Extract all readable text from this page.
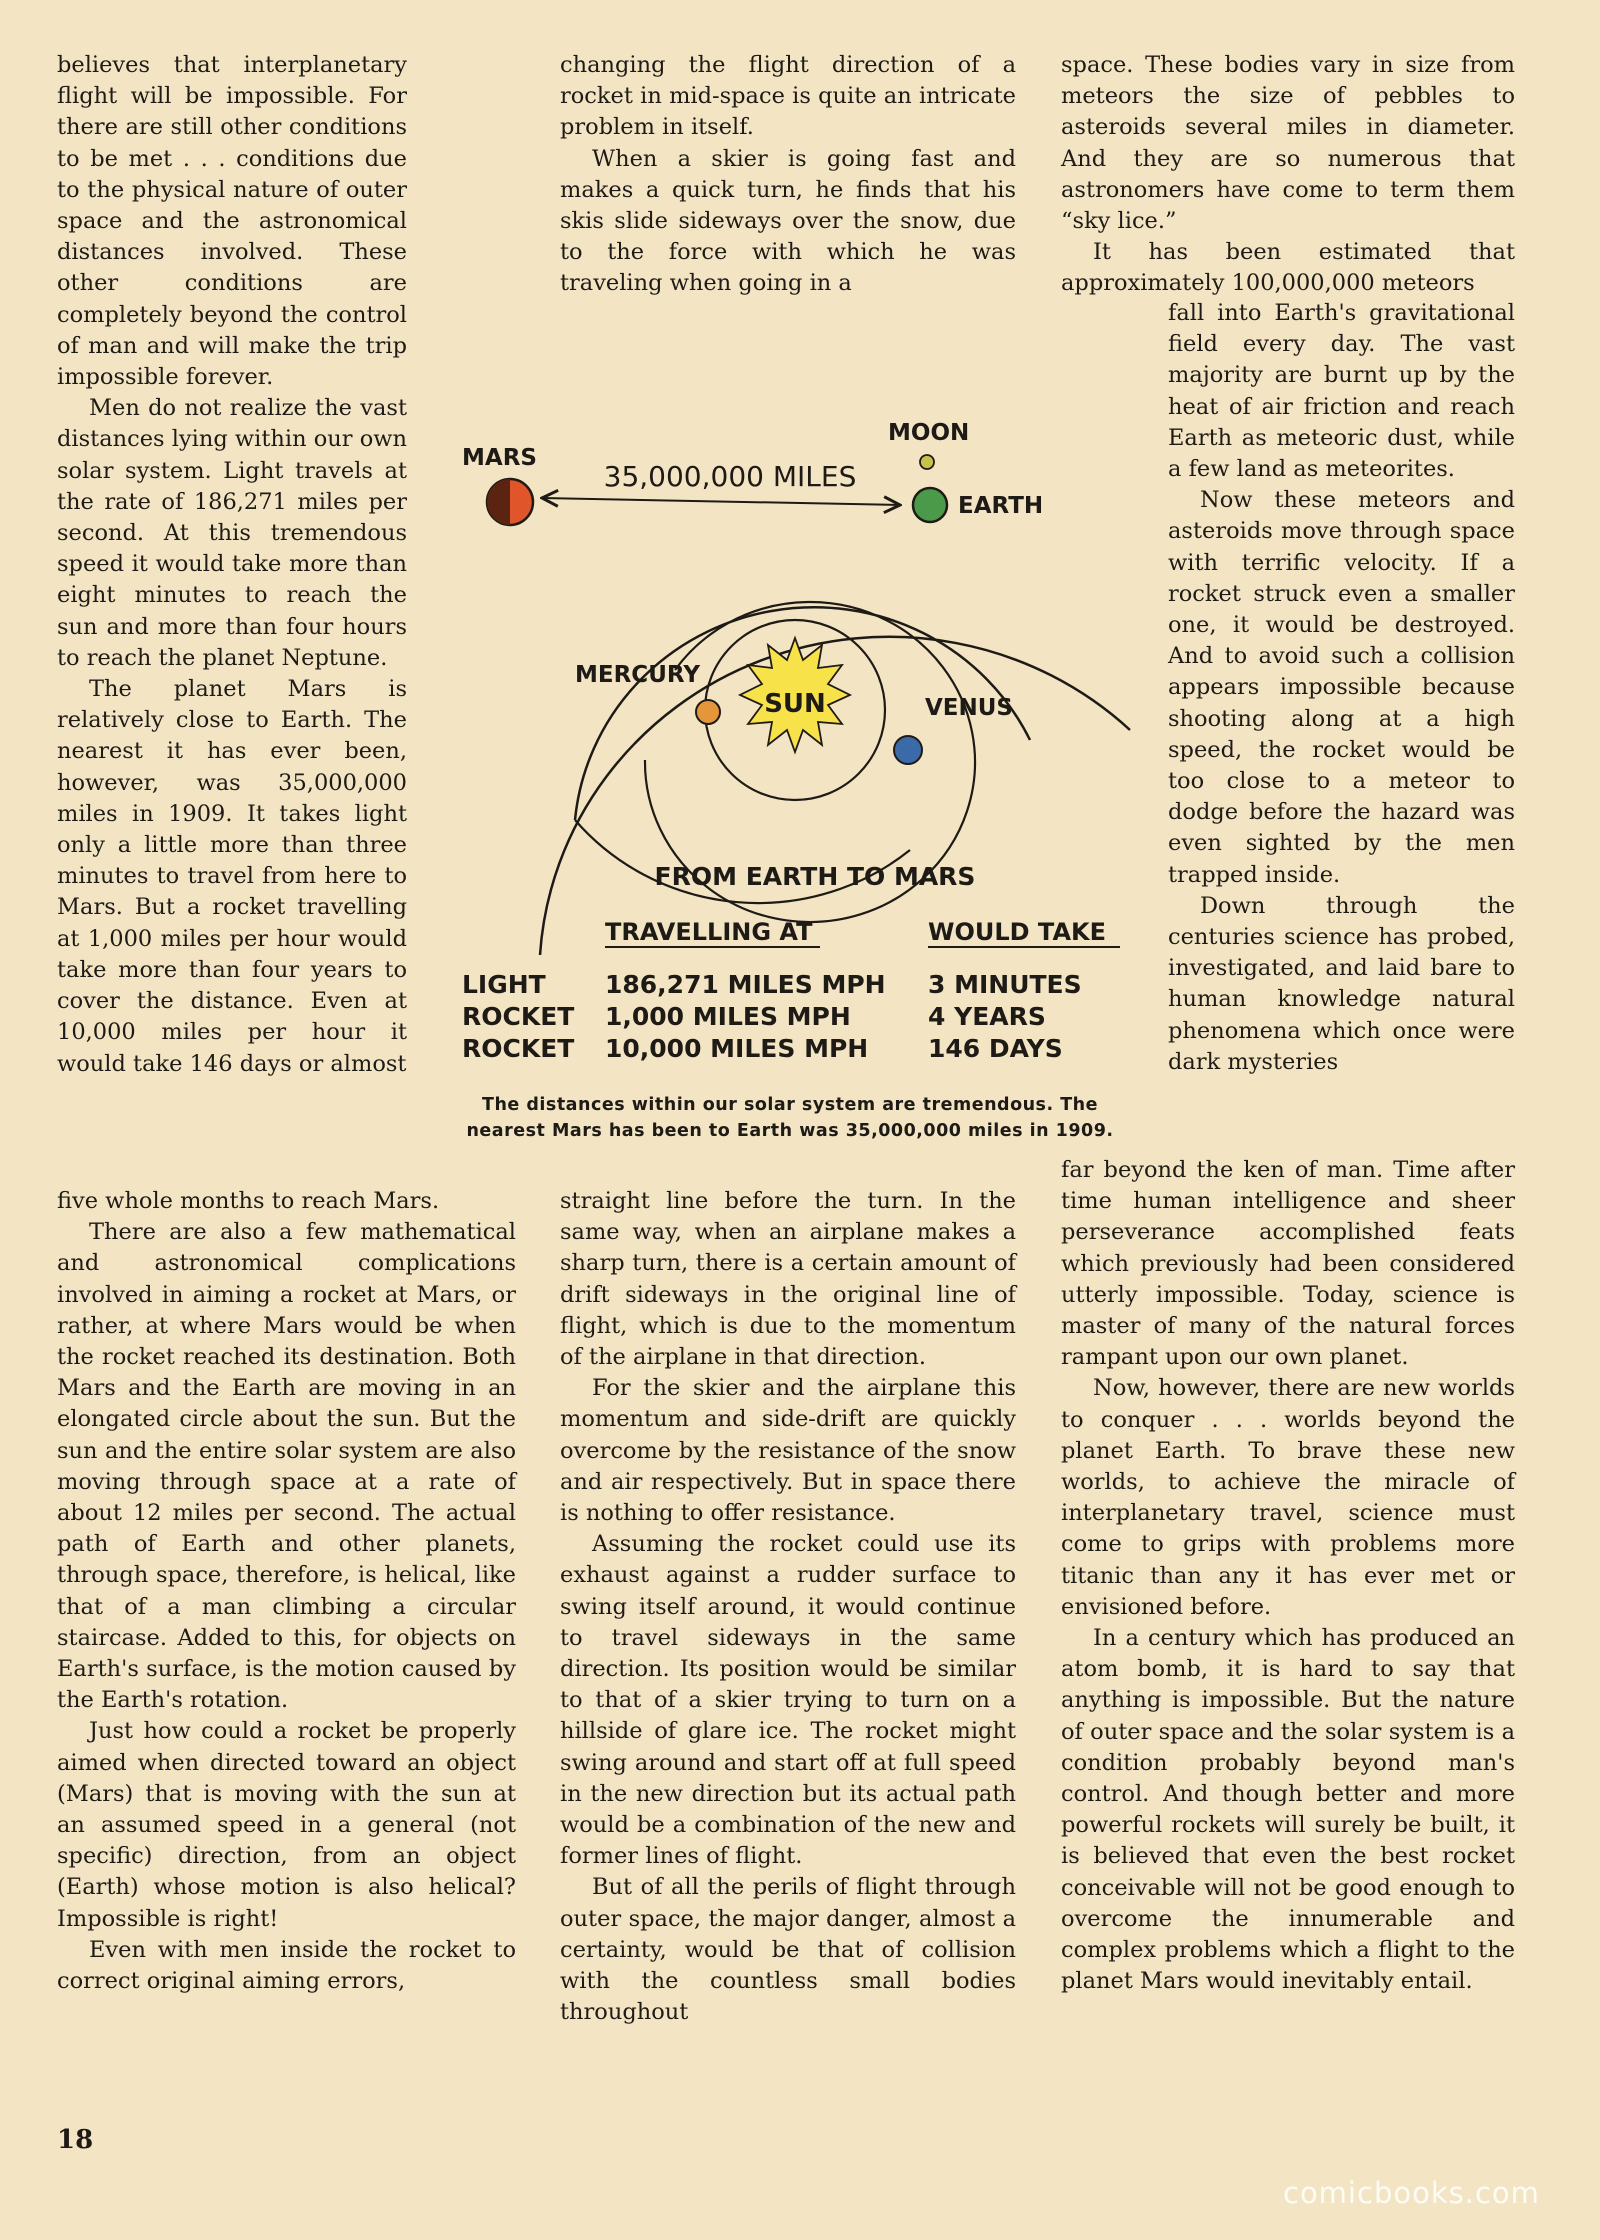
believes that interplanetary flight will be impossible. For there are still other conditions to be met . . . conditions due to the physical nature of outer space and the astronomical distances involved. These other conditions are completely beyond the control of man and will make the trip impossible forever.

Men do not realize the vast distances lying within our own solar system. Light travels at the rate of 186,271 miles per second. At this tremendous speed it would take more than eight minutes to reach the sun and more than four hours to reach the planet Neptune.

The planet Mars is relatively close to Earth. The nearest it has ever been, however, was 35,000,000 miles in 1909. It takes light only a little more than three minutes to travel from here to Mars. But a rocket travelling at 1,000 miles per hour would take more than four years to cover the distance. Even at 10,000 miles per hour it would take 146 days or almost

changing the flight direction of a rocket in mid-space is quite an intricate problem in itself.

When a skier is going fast and makes a quick turn, he finds that his skis slide sideways over the snow, due to the force with which he was traveling when going in a

space. These bodies vary in size from meteors the size of pebbles to asteroids several miles in diameter. And they are so numerous that astronomers have come to term them “sky lice.”

It has been estimated that approximately 100,000,000 meteors

fall into Earth's gravitational field every day. The vast majority are burnt up by the heat of air friction and reach Earth as meteoric dust, while a few land as meteorites.

Now these meteors and asteroids move through space with terrific velocity. If a rocket struck even a smaller one, it would be destroyed. And to avoid such a collision appears impossible because shooting along at a high speed, the rocket would be too close to a meteor to dodge before the hazard was even sighted by the men trapped inside.

Down through the centuries science has probed, investigated, and laid bare to human knowledge natural phenomena which once were dark mysteries

five whole months to reach Mars.

There are also a few mathematical and astronomical complications involved in aiming a rocket at Mars, or rather, at where Mars would be when the rocket reached its destination. Both Mars and the Earth are moving in an elongated circle about the sun. But the sun and the entire solar system are also moving through space at a rate of about 12 miles per second. The actual path of Earth and other planets, through space, therefore, is helical, like that of a man climbing a circular staircase. Added to this, for objects on Earth's surface, is the motion caused by the Earth's rotation.

Just how could a rocket be properly aimed when directed toward an object (Mars) that is moving with the sun at an assumed speed in a general (not specific) direction, from an object (Earth) whose motion is also helical? Impossible is right!

Even with men inside the rocket to correct original aiming errors,

straight line before the turn. In the same way, when an airplane makes a sharp turn, there is a certain amount of drift sideways in the original line of flight, which is due to the momentum of the airplane in that direction.

For the skier and the airplane this momentum and side-drift are quickly overcome by the resistance of the snow and air respectively. But in space there is nothing to offer resistance.

Assuming the rocket could use its exhaust against a rudder surface to swing itself around, it would continue to travel sideways in the same direction. Its position would be similar to that of a skier trying to turn on a hillside of glare ice. The rocket might swing around and start off at full speed in the new direction but its actual path would be a combination of the new and former lines of flight.

But of all the perils of flight through outer space, the major danger, almost a certainty, would be that of collision with the countless small bodies throughout

far beyond the ken of man. Time after time human intelligence and sheer perseverance accomplished feats which previously had been considered utterly impossible. Today, science is master of many of the natural forces rampant upon our own planet.

Now, however, there are new worlds to conquer . . . worlds beyond the planet Earth. To brave these new worlds, to achieve the miracle of interplanetary travel, science must come to grips with problems more titanic than any it has ever met or envisioned before.

In a century which has produced an atom bomb, it is hard to say that anything is impossible. But the nature of outer space and the solar system is a condition probably beyond man's control. And though better and more powerful rockets will surely be built, it is believed that even the best rocket conceivable will not be good enough to overcome the innumerable and complex problems which a flight to the planet Mars would inevitably entail.

SUN
MERCURY
VENUS
MOON
EARTH
MARS
35,000,000 MILES
FROM EARTH TO MARS
TRAVELLING AT	WOULD TAKE
LIGHT 186,271 MILES MPH 3 MINUTES
ROCKET 1,000 MILES MPH	4 YEARS
ROCKET 10,000 MILES MPH 146 DAYS
The distances within our solar system are tremendous. The nearest Mars has been to Earth was 35,000,000 miles in 1909.
18
comicbooks.com
